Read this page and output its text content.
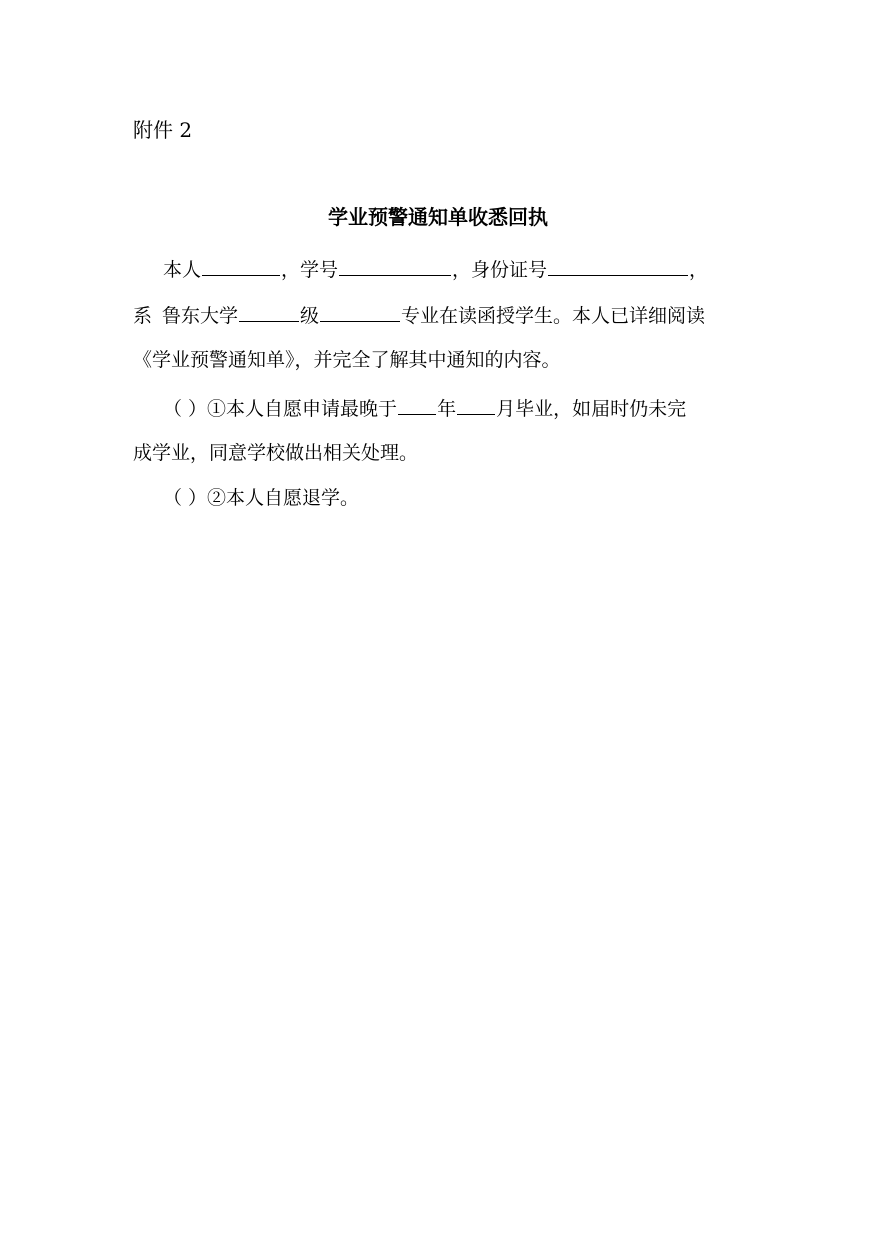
附件 2
学业预警通知单收悉回执
本人	，学号	，身份证号	，
系 鲁东大学	级	专业在读函授学生。本人已详细阅读
《学业预警通知单》，并完全了解其中通知的内容。
（ ）①本人自愿申请最晚于 年 月毕业，如届时仍未完
成学业，同意学校做出相关处理。
（ ）②本人自愿退学。
